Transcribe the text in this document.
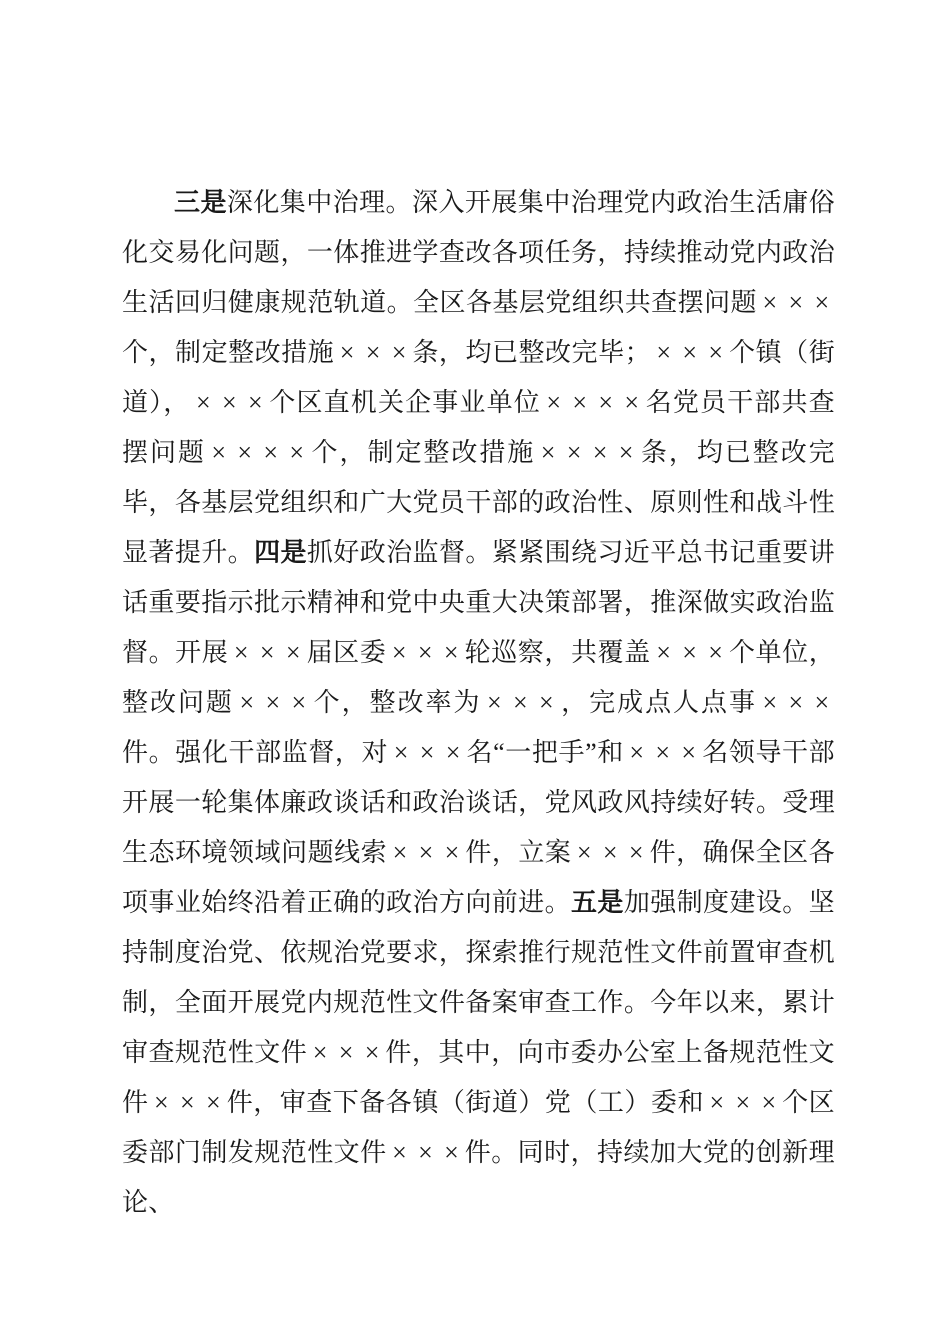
三是深化集中治理。深入开展集中治理党内政治生活庸俗化交易化问题，一体推进学查改各项任务，持续推动党内政治生活回归健康规范轨道。全区各基层党组织共查摆问题 × × ×个，制定整改措施 × × × 条，均已整改完毕； × × × 个镇（街道）， × × × 个区直机关企事业单位 × × × × 名党员干部共查摆问题 × × × × 个，制定整改措施 × × × × 条，均已整改完毕，各基层党组织和广大党员干部的政治性、原则性和战斗性显著提升。四是抓好政治监督。紧紧围绕习近平总书记重要讲话重要指示批示精神和党中央重大决策部署，推深做实政治监督。开展 × × × 届区委 × × × 轮巡察，共覆盖 × × × 个单位，整改问题 × × × 个，整改率为 × × × ，完成点人点事 × × ×件。强化干部监督，对 × × × 名“一把手”和 × × × 名领导干部开展一轮集体廉政谈话和政治谈话，党风政风持续好转。受理生态环境领域问题线索 × × × 件，立案 × × × 件，确保全区各项事业始终沿着正确的政治方向前进。五是加强制度建设。坚持制度治党、依规治党要求，探索推行规范性文件前置审查机制，全面开展党内规范性文件备案审查工作。今年以来，累计审查规范性文件 × × × 件，其中，向市委办公室上备规范性文件 × × × 件，审查下备各镇（街道）党（工）委和 × × × 个区委部门制发规范性文件 × × × 件。同时，持续加大党的创新理论、
